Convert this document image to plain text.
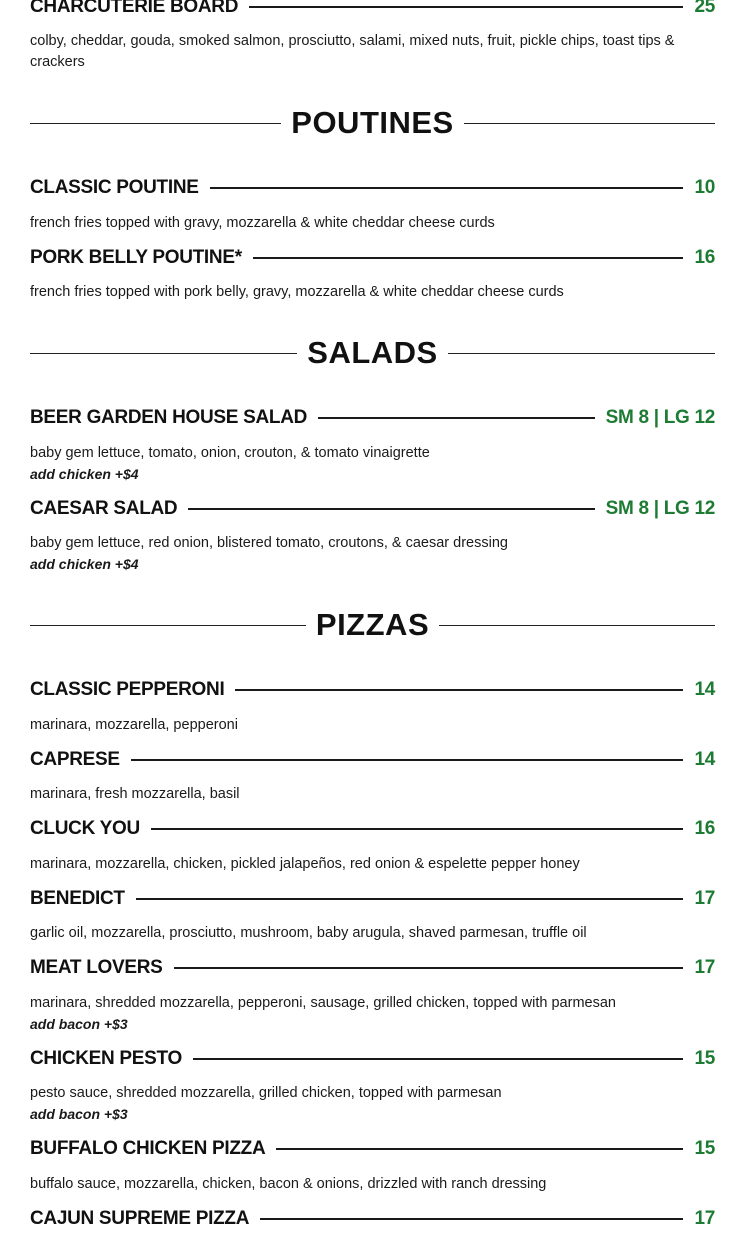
CHARCUTERIE BOARD	25
colby, cheddar, gouda, smoked salmon, prosciutto, salami, mixed nuts, fruit, pickle chips, toast tips & crackers
POUTINES
CLASSIC POUTINE	10
french fries topped with gravy, mozzarella & white cheddar cheese curds
PORK BELLY POUTINE*	16
french fries topped with pork belly, gravy, mozzarella & white cheddar cheese curds
SALADS
BEER GARDEN HOUSE SALAD	SM 8 | LG 12
baby gem lettuce, tomato, onion, crouton, & tomato vinaigrette
add chicken +$4
CAESAR SALAD	SM 8 | LG 12
baby gem lettuce, red onion, blistered tomato, croutons, & caesar dressing
add chicken +$4
PIZZAS
CLASSIC PEPPERONI	14
marinara, mozzarella, pepperoni
CAPRESE	14
marinara, fresh mozzarella, basil
CLUCK YOU	16
marinara, mozzarella, chicken, pickled jalapeños, red onion & espelette pepper honey
BENEDICT	17
garlic oil, mozzarella, prosciutto, mushroom, baby arugula, shaved parmesan, truffle oil
MEAT LOVERS	17
marinara, shredded mozzarella, pepperoni, sausage, grilled chicken, topped with parmesan
add bacon +$3
CHICKEN PESTO	15
pesto sauce, shredded mozzarella, grilled chicken, topped with parmesan
add bacon +$3
BUFFALO CHICKEN PIZZA	15
buffalo sauce, mozzarella, chicken, bacon & onions, drizzled with ranch dressing
CAJUN SUPREME PIZZA	17
